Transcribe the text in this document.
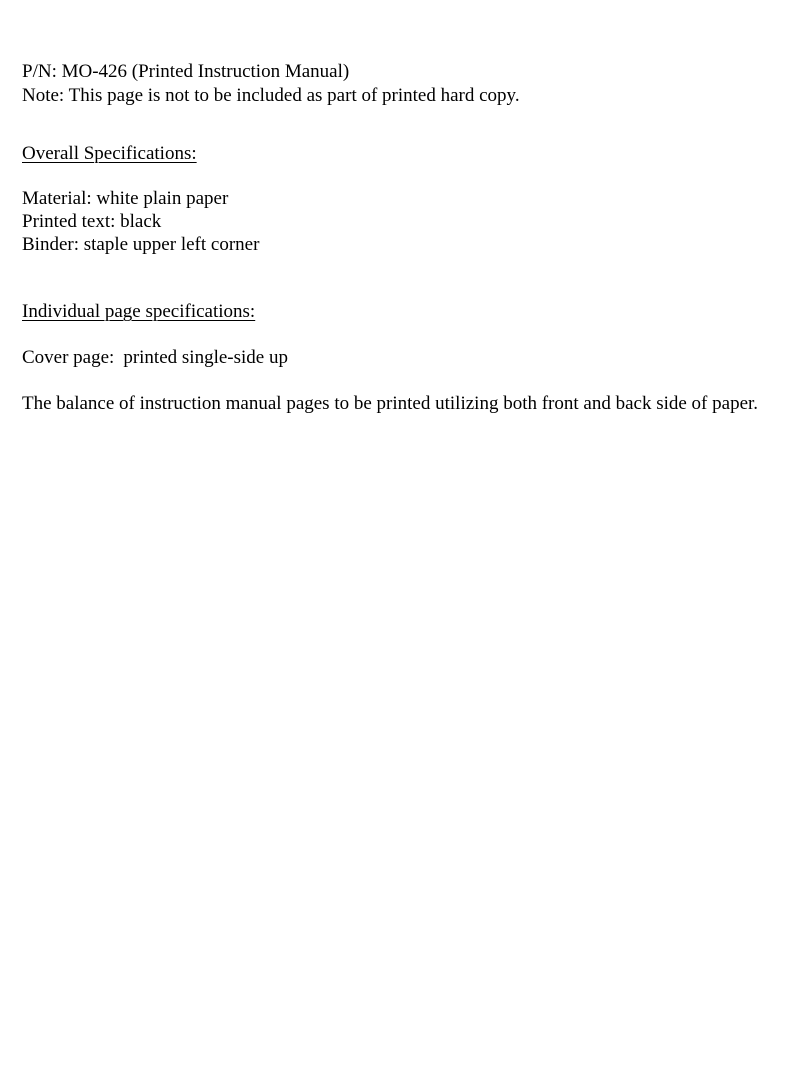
P/N: MO-426 (Printed Instruction Manual)
Note: This page is not to be included as part of printed hard copy.
Overall Specifications:
Material: white plain paper
Printed text: black
Binder: staple upper left corner
Individual page specifications:
Cover page: printed single-side up
The balance of instruction manual pages to be printed utilizing both front and back side of paper.
